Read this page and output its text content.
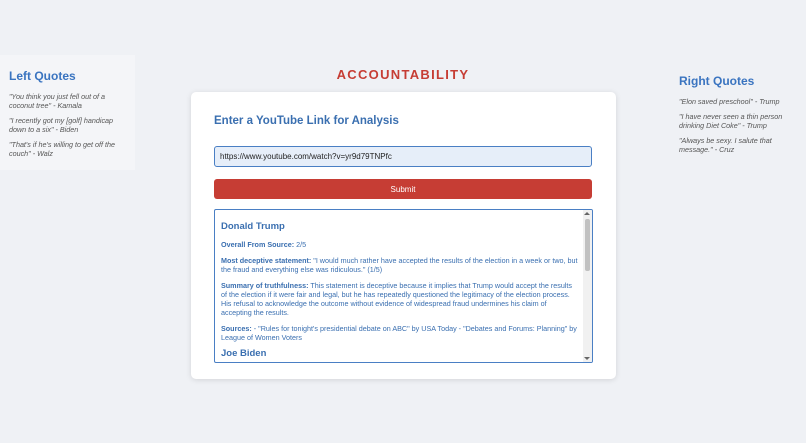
Left Quotes

"You think you just fell out of a coconut tree" - Kamala

"I recently got my [golf] handicap down to a six" - Biden

"That's if he's willing to get off the couch" - Walz

ACCOUNTABILITY	Right Quotes

"Elon saved preschool" - Trump

"I have never seen a thin person drinking Diet Coke" - Trump

"Always be sexy. I salute that message." - Cruz

Enter a YouTube Link for Analysis
https://www.youtube.com/watch?v=yr9d79TNPfc
Submit
Donald Trump
Overall From Source: 2/5
Most deceptive statement: "I would much rather have accepted the results of the election in a week or two, but the fraud and everything else was ridiculous." (1/5)
Summary of truthfulness: This statement is deceptive because it implies that Trump would accept the results of the election if it were fair and legal, but he has repeatedly questioned the legitimacy of the election process. His refusal to acknowledge the outcome without evidence of widespread fraud undermines his claim of accepting the results.
Sources: - "Rules for tonight's presidential debate on ABC" by USA Today - "Debates and Forums: Planning" by League of Women Voters
Joe Biden
